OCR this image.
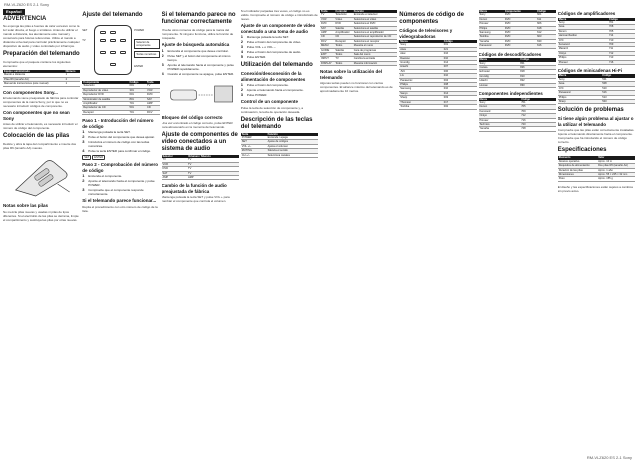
RM-VLZ620 ES 2-1 Sony
Español
ADVERTENCIA

No exponga las pilas a fuentes de calor excesivo como la luz solar directa, el fuego o similares. Antes de utilizar el mando a distancia, lea atentamente este manual y consérvelo para futuras referencias. Utilice el mando a distancia universal para controlar prácticamente cualquier dispositivo de audio y vídeo controlado por infrarrojos.

Preparación del telemando

Compruebe que el paquete contiene los siguientes elementos:

Equipo suministrado	Número
Mando a distancia	1
Pilas R6 (tamaño AA)	2
Manual de instrucciones (este manual)	1
Con componentes Sony...

El telemando viene preajustado de fábrica para controlar componentes de la marca Sony, por lo que no es necesario introducir códigos de componente.

Con componentes que no sean Sony

Antes de utilizar el telemando, es necesario introducir el número de código del componente.

Colocación de las pilas

Deslice y abra la tapa del compartimiento e inserte dos pilas R6 (tamaño AA) nuevas.

Notas sobre las pilas

No mezcle pilas nuevas y usadas ni pilas de tipos diferentes. Si el electrolito de las pilas se derrama, limpie el compartimiento y sustituya las pilas por otras nuevas.

Ajuste del telemando
SET
TV
POWER
Selector de componente
Teclas numéricas
ENTER
Componente	Código	Tecla
Televisión	001	TV
Reproductor de vídeo	301	VCR
Reproductor DVD	601	DVD
Sintonizador de satélite	801	SAT
Amplificador	701	AMP
Reproductor de CD	501	CD
Receptor	701	RCV
Paso 1 - Introducción del número de código
1	Mantenga pulsada la tecla SET.
2	Pulse el botón del componente que desea ajustar.
3	Introduzca el número de código con las teclas numéricas.
4	Pulse la tecla ENTER para confirmar el código.
SET	ENTER
Paso 2 - Comprobación del número de código
1	Encienda el componente.
2	Apunte el telemando hacia el componente y pulse POWER.
3	Compruebe que el componente responde correctamente.
Si el telemando parece funcionar...

Repita el procedimiento con otro número de código de la lista.

Si el telemando parece no funcionar correctamente

Pruebe otros números de código para la marca del componente. Si ninguno funciona, utilice la función de búsqueda.

Ajuste de búsqueda automática
1	Encienda el componente que desee controlar.
2	Pulse SET y el botón del componente al mismo tiempo.
3	Apunte el telemando hacia el componente y pulse POWER repetidamente.
4	Cuando el componente se apague, pulse ENTER.
Bloqueo del código correcto

Una vez encontrado el código correcto, pulse ENTER para almacenarlo en la memoria del telemando.

Ajuste de componentes de vídeo conectados a un sistema de audio
Selector	Volumen / Silencio
TV	TV
VCR	TV
DVD	TV
SAT	TV
AMP	AMP
Cambio de la función de audio preajustada de fábrica

Mantenga pulsada la tecla SET y pulse VOL + para cambiar el componente que controla el volumen.

Si el indicador parpadea tres veces, el código no es válido. Compruebe el número de código e introdúzcalo de nuevo.

Ajuste de un componente de vídeo conectado a una toma de audio
1	Mantenga pulsada la tecla SET.
2	Pulse el botón del componente de vídeo.
3	Pulse VOL + o VOL –.
4	Pulse el botón del componente de audio.
5	Pulse ENTER.
Utilización del telemando
Conexión/desconexión de la alimentación de componentes
1	Pulse el botón del componente.
2	Apunte el telemando hacia el componente.
3	Pulse POWER.
Control de un componente

Pulse la tecla de selección de componente y, a continuación, la tecla de operación deseada.

Descripción de las teclas del telemando
Tecla	Función
POWER	Enciende / apaga
SET	Ajuste de códigos
VOL +/–	Ajusta el volumen
MUTING	Silencia el sonido
CH +/–	Selecciona canales
Tecla	Controlar	Función
TV	Televisión	Enciende el televisor
VCR	Vídeo	Selecciona el vídeo
DVD	DVD	Selecciona el DVD
SAT	Satélite	Selecciona el satélite
AMP	Amplificador	Selecciona el amplificador
CD	CD	Selecciona el reproductor de CD
RCV	Receptor	Selecciona el receptor
MENU	Todos	Muestra el menú
GUIDE	Satélite	Guía de programas
EXIT	Todos	Sale del menú
INPUT	TV	Cambia la entrada
DISPLAY	Todos	Muestra información
Notas sobre la utilización del telemando

Algunas teclas pueden no funcionar con ciertos componentes. El alcance máximo del telemando es de aproximadamente 10 metros.

Números de código de componentes
Códigos de televisores y videograbadoras
Marca	Código
Sony	001
Aiwa	021
Akai	016
Daewoo	010
Grundig	014
Hitachi	007
JVC	006
LG	010
Panasonic	004
Philips	008
Samsung	010
Sanyo	014
Sharp	003
Thomson	017
Toshiba	002
Marca	Componente	Código
Sony	DVD	601
Denon	DVD	611
Pioneer	DVD	606
Philips	DVD	618
Samsung	DVD	612
Toshiba	DVD	603
Yamaha	DVD	630
Panasonic	DVD	616
Códigos de descodificadores
Marca	Código
Sony	801
Canal+	826
Echostar	818
Grundig	810
Hitachi	822
Humax	830
Componentes independientes
Marca	Código
Sony	701
Denon	705
Kenwood	709
Onkyo	712
Pioneer	716
Technics	720
Yamaha	728
Códigos de amplificadores
Marca	Código
Sony	701
Aiwa	708
Denon	705
Harman/Kardon	714
JVC	710
Kenwood	709
Marantz	711
Onkyo	712
Philips	713
Pioneer	716
Códigos de minicadenas Hi-Fi
Marca	Código
Sony	501
Aiwa	508
JVC	510
Panasonic	516
Philips	513
Sharp	503
Solución de problemas
Si tiene algún problema al ajustar o la utilizar el telemando

Compruebe que las pilas están correctamente instaladas. Apunte el telemando directamente hacia el componente. Compruebe que ha introducido el número de código correcto.

Especificaciones
Elemento	Valor
Alcance operativo	Aprox. 10 m
Requisitos de alimentación	Dos pilas R6 (tamaño AA)
Duración de las pilas	Aprox. 1 año
Dimensiones	Aprox. 55 × 225 × 32 mm
Peso	Aprox. 155 g

El diseño y las especificaciones están sujetos a cambios sin previo aviso.

RM-VLZ620 ES 2-1 Sony
